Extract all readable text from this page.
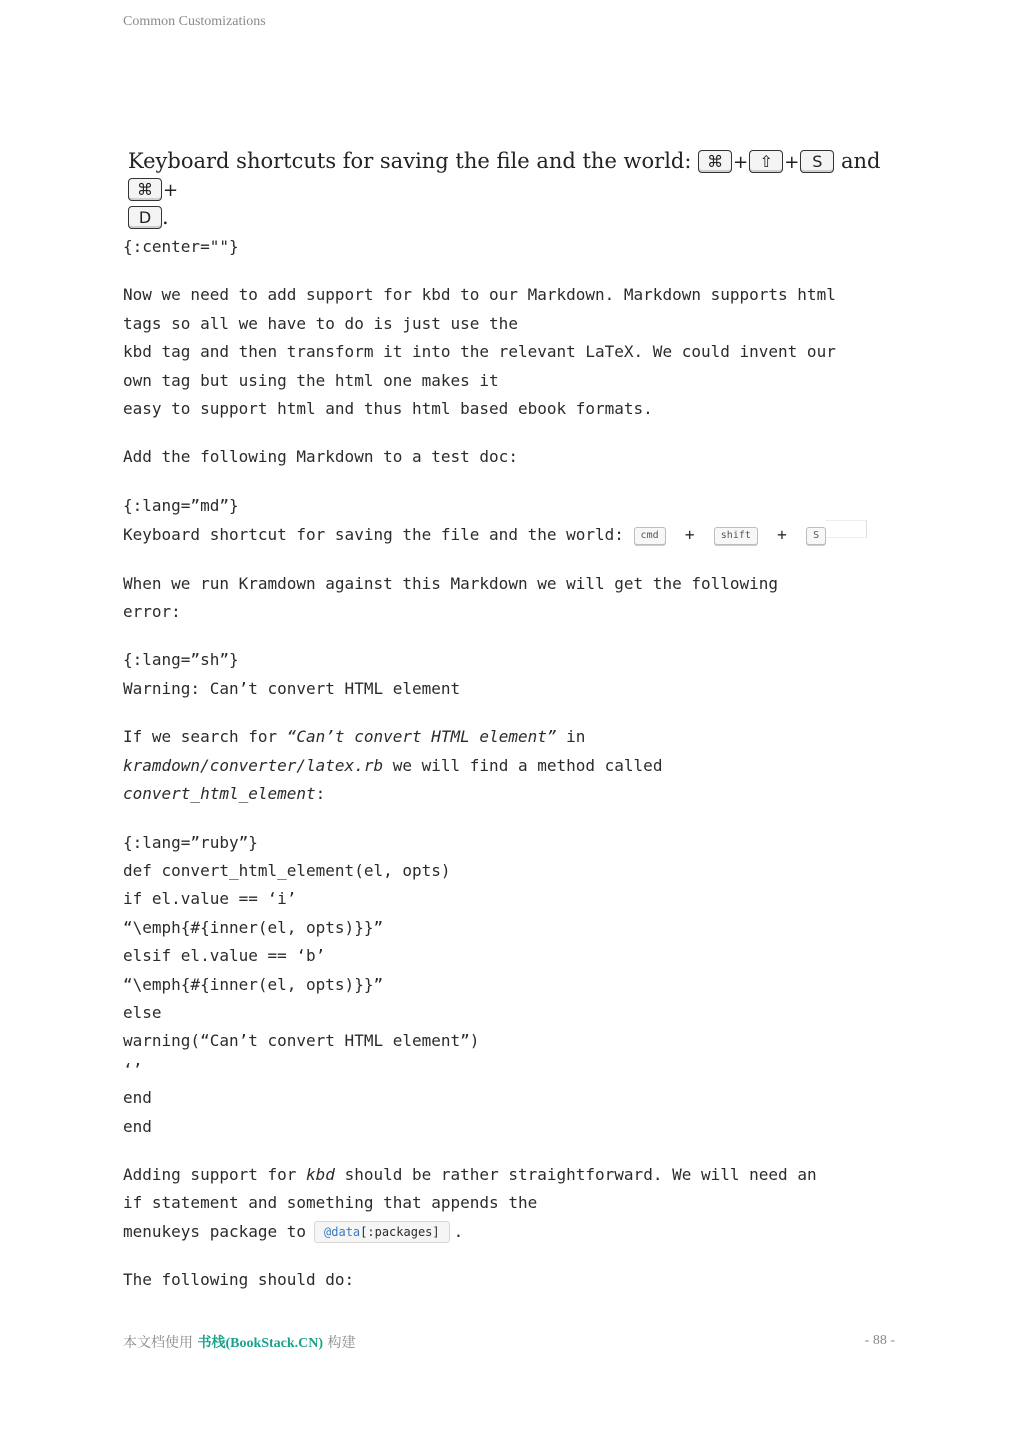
Common Customizations
Keyboard shortcuts for saving the file and the world: ⌘ + ⇧ + S and ⌘ +
D .

{:center=""}

Now we need to add support for kbd to our Markdown. Markdown supports html
tags so all we have to do is just use the
kbd tag and then transform it into the relevant LaTeX. We could invent our
own tag but using the html one makes it
easy to support html and thus html based ebook formats.

Add the following Markdown to a test doc:

{:lang=”md”}
Keyboard shortcut for saving the file and the world: cmd +	shift +	S

When we run Kramdown against this Markdown we will get the following
error:

{:lang=”sh”}
Warning: Can’t convert HTML element

If we search for “Can’t convert HTML element” in
kramdown/converter/latex.rb we will find a method called
convert_html_element:

{:lang=”ruby”}
def convert_html_element(el, opts)
if el.value == ‘i’
“\emph{#{inner(el, opts)}}”
elsif el.value == ‘b’
“\emph{#{inner(el, opts)}}”
else
warning(“Can’t convert HTML element”)
‘’
end
end

Adding support for kbd should be rather straightforward. We will need an
if statement and something that appends the
menukeys package to @data[:packages] .

The following should do:

本文档使用 书栈(BookStack.CN) 构建	- 88 -
